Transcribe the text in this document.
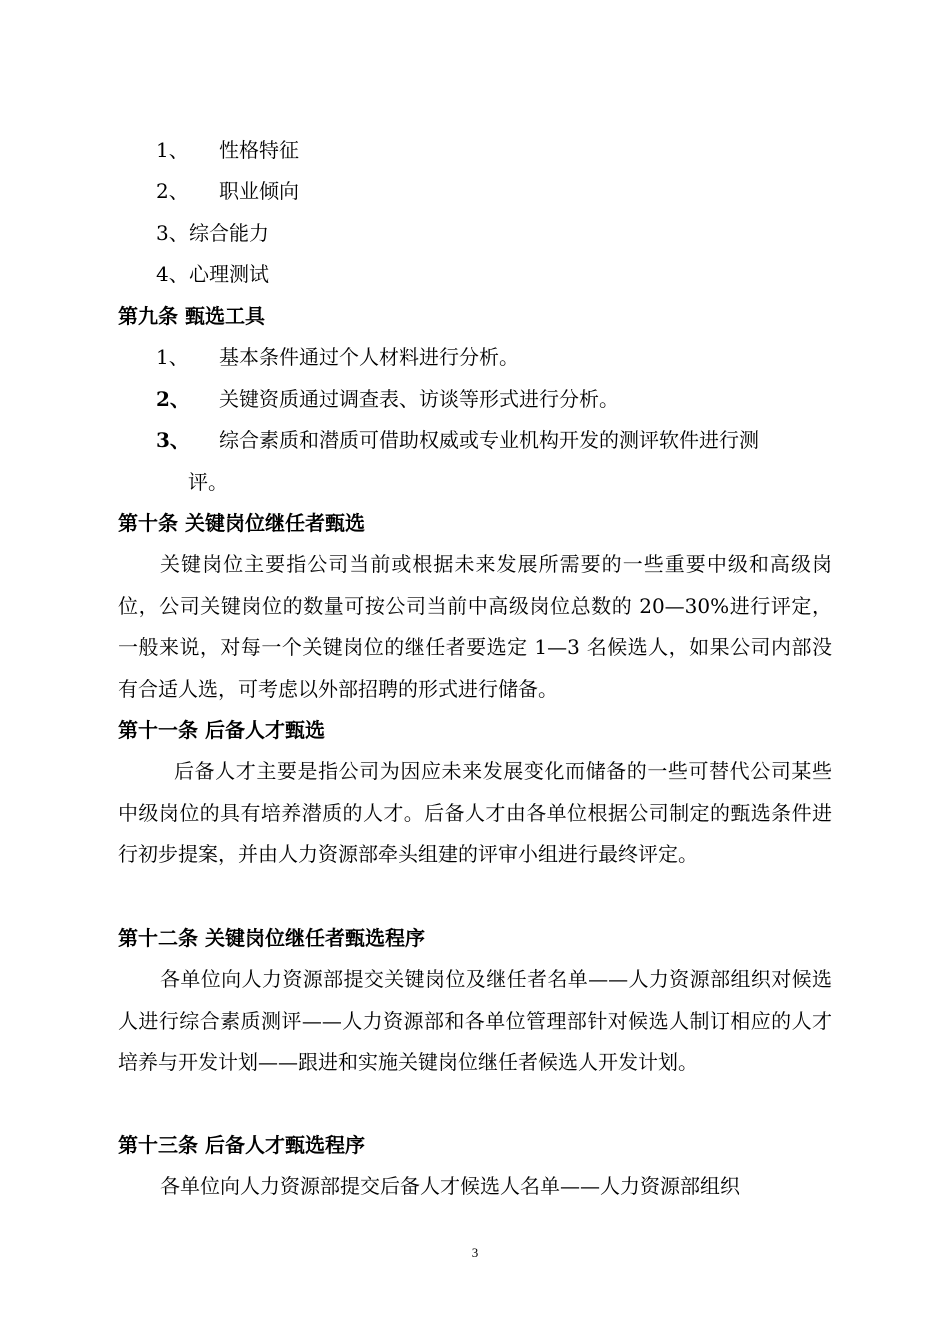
1、 性格特征
2、 职业倾向
3、 综合能力
4、 心理测试
第九条 甄选工具
1、 基本条件通过个人材料进行分析。
2、 关键资质通过调查表、访谈等形式进行分析。
3、 综合素质和潜质可借助权威或专业机构开发的测评软件进行测
评。
第十条 关键岗位继任者甄选
关键岗位主要指公司当前或根据未来发展所需要的一些重要中级和高级岗位，公司关键岗位的数量可按公司当前中高级岗位总数的 20—30%进行评定，一般来说，对每一个关键岗位的继任者要选定 1—3 名候选人，如果公司内部没有合适人选，可考虑以外部招聘的形式进行储备。
第十一条 后备人才甄选
后备人才主要是指公司为因应未来发展变化而储备的一些可替代公司某些中级岗位的具有培养潜质的人才。后备人才由各单位根据公司制定的甄选条件进行初步提案，并由人力资源部牵头组建的评审小组进行最终评定。
第十二条 关键岗位继任者甄选程序
各单位向人力资源部提交关键岗位及继任者名单——人力资源部组织对候选人进行综合素质测评——人力资源部和各单位管理部针对候选人制订相应的人才培养与开发计划——跟进和实施关键岗位继任者候选人开发计划。
第十三条 后备人才甄选程序
各单位向人力资源部提交后备人才候选人名单——人力资源部组织
3
